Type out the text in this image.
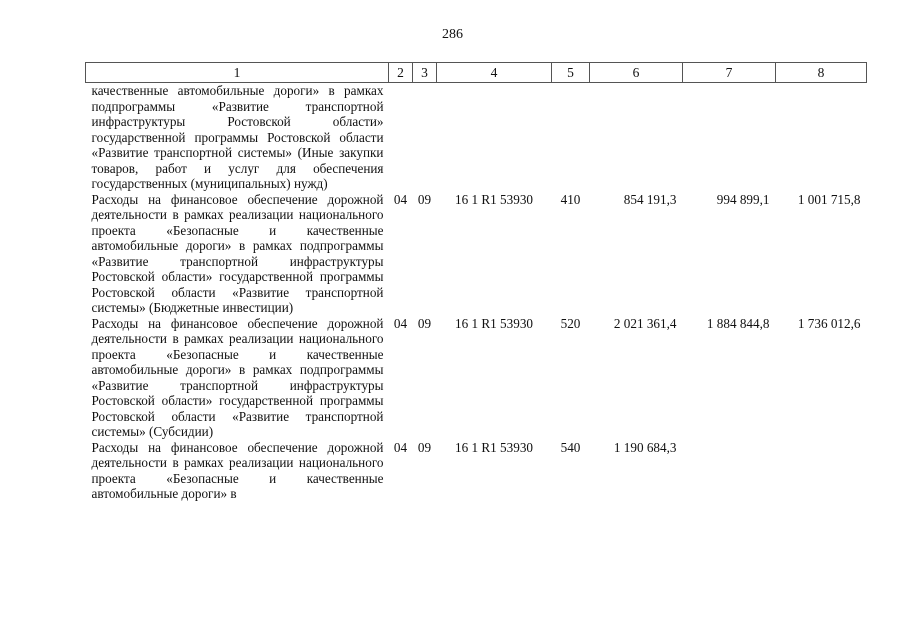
286
1	2	3	4	5	6	7	8
качественные автомобильные дороги» в рамках подпрограммы «Развитие транспортной инфраструктуры Ростовской области» государственной программы Ростовской области «Развитие транспортной системы» (Иные закупки товаров, работ и услуг для обеспечения государственных (муниципальных) нужд)							
Расходы на финансовое обеспечение дорожной деятельности в рамках реализации национального проекта «Безопасные и качественные автомобильные дороги» в рамках подпрограммы «Развитие транспортной инфраструктуры Ростовской области» государственной программы Ростовской области «Развитие транспортной системы» (Бюджетные инвестиции)	04	09	16 1 R1 53930	410	854 191,3	994 899,1	1 001 715,8
Расходы на финансовое обеспечение дорожной деятельности в рамках реализации национального проекта «Безопасные и качественные автомобильные дороги» в рамках подпрограммы «Развитие транспортной инфраструктуры Ростовской области» государственной программы Ростовской области «Развитие транспортной системы» (Субсидии)	04	09	16 1 R1 53930	520	2 021 361,4	1 884 844,8	1 736 012,6
Расходы на финансовое обеспечение дорожной деятельности в рамках реализации национального проекта «Безопасные и качественные автомобильные дороги» в	04	09	16 1 R1 53930	540	1 190 684,3		
